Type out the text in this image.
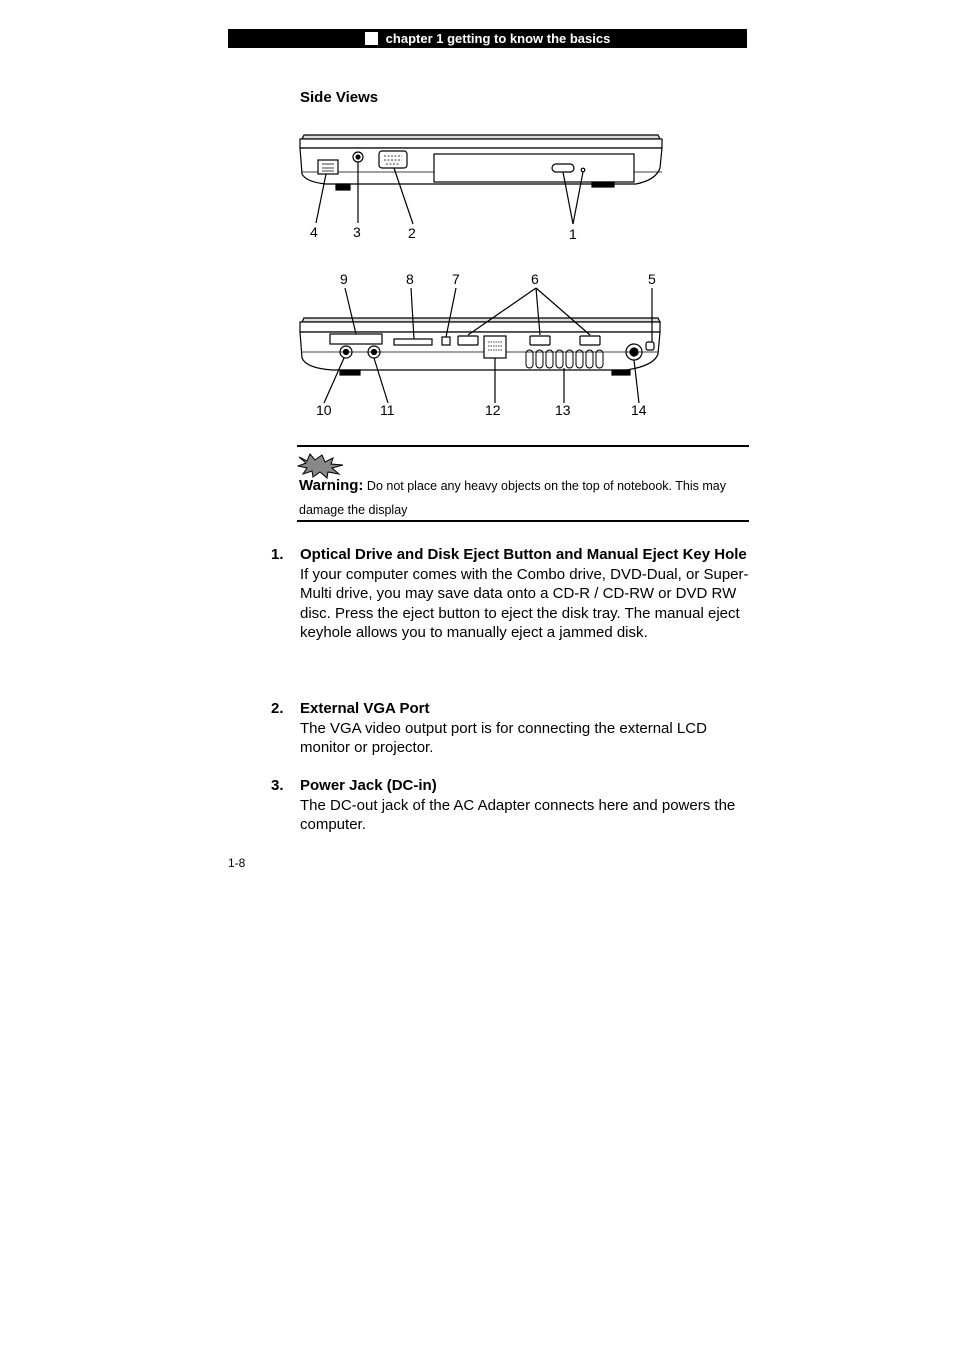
chapter 1 getting to know the basics
Side Views
4	3	2	1
9	8	7	6	5
10	11	12	13	14
Warning: Do not place any heavy objects on the top of notebook. This may
damage the display
1. Optical Drive and Disk Eject Button and Manual Eject Key Hole
If your computer comes with the Combo drive, DVD-Dual, or Super-Multi drive, you may save data onto a CD-R / CD-RW or DVD RW disc. Press the eject button to eject the disk tray. The manual eject keyhole allows you to manually eject a jammed disk.
2. External VGA Port
The VGA video output port is for connecting the external LCD monitor or projector.
3. Power Jack (DC-in)
The DC-out jack of the AC Adapter connects here and powers the computer.
1-8
